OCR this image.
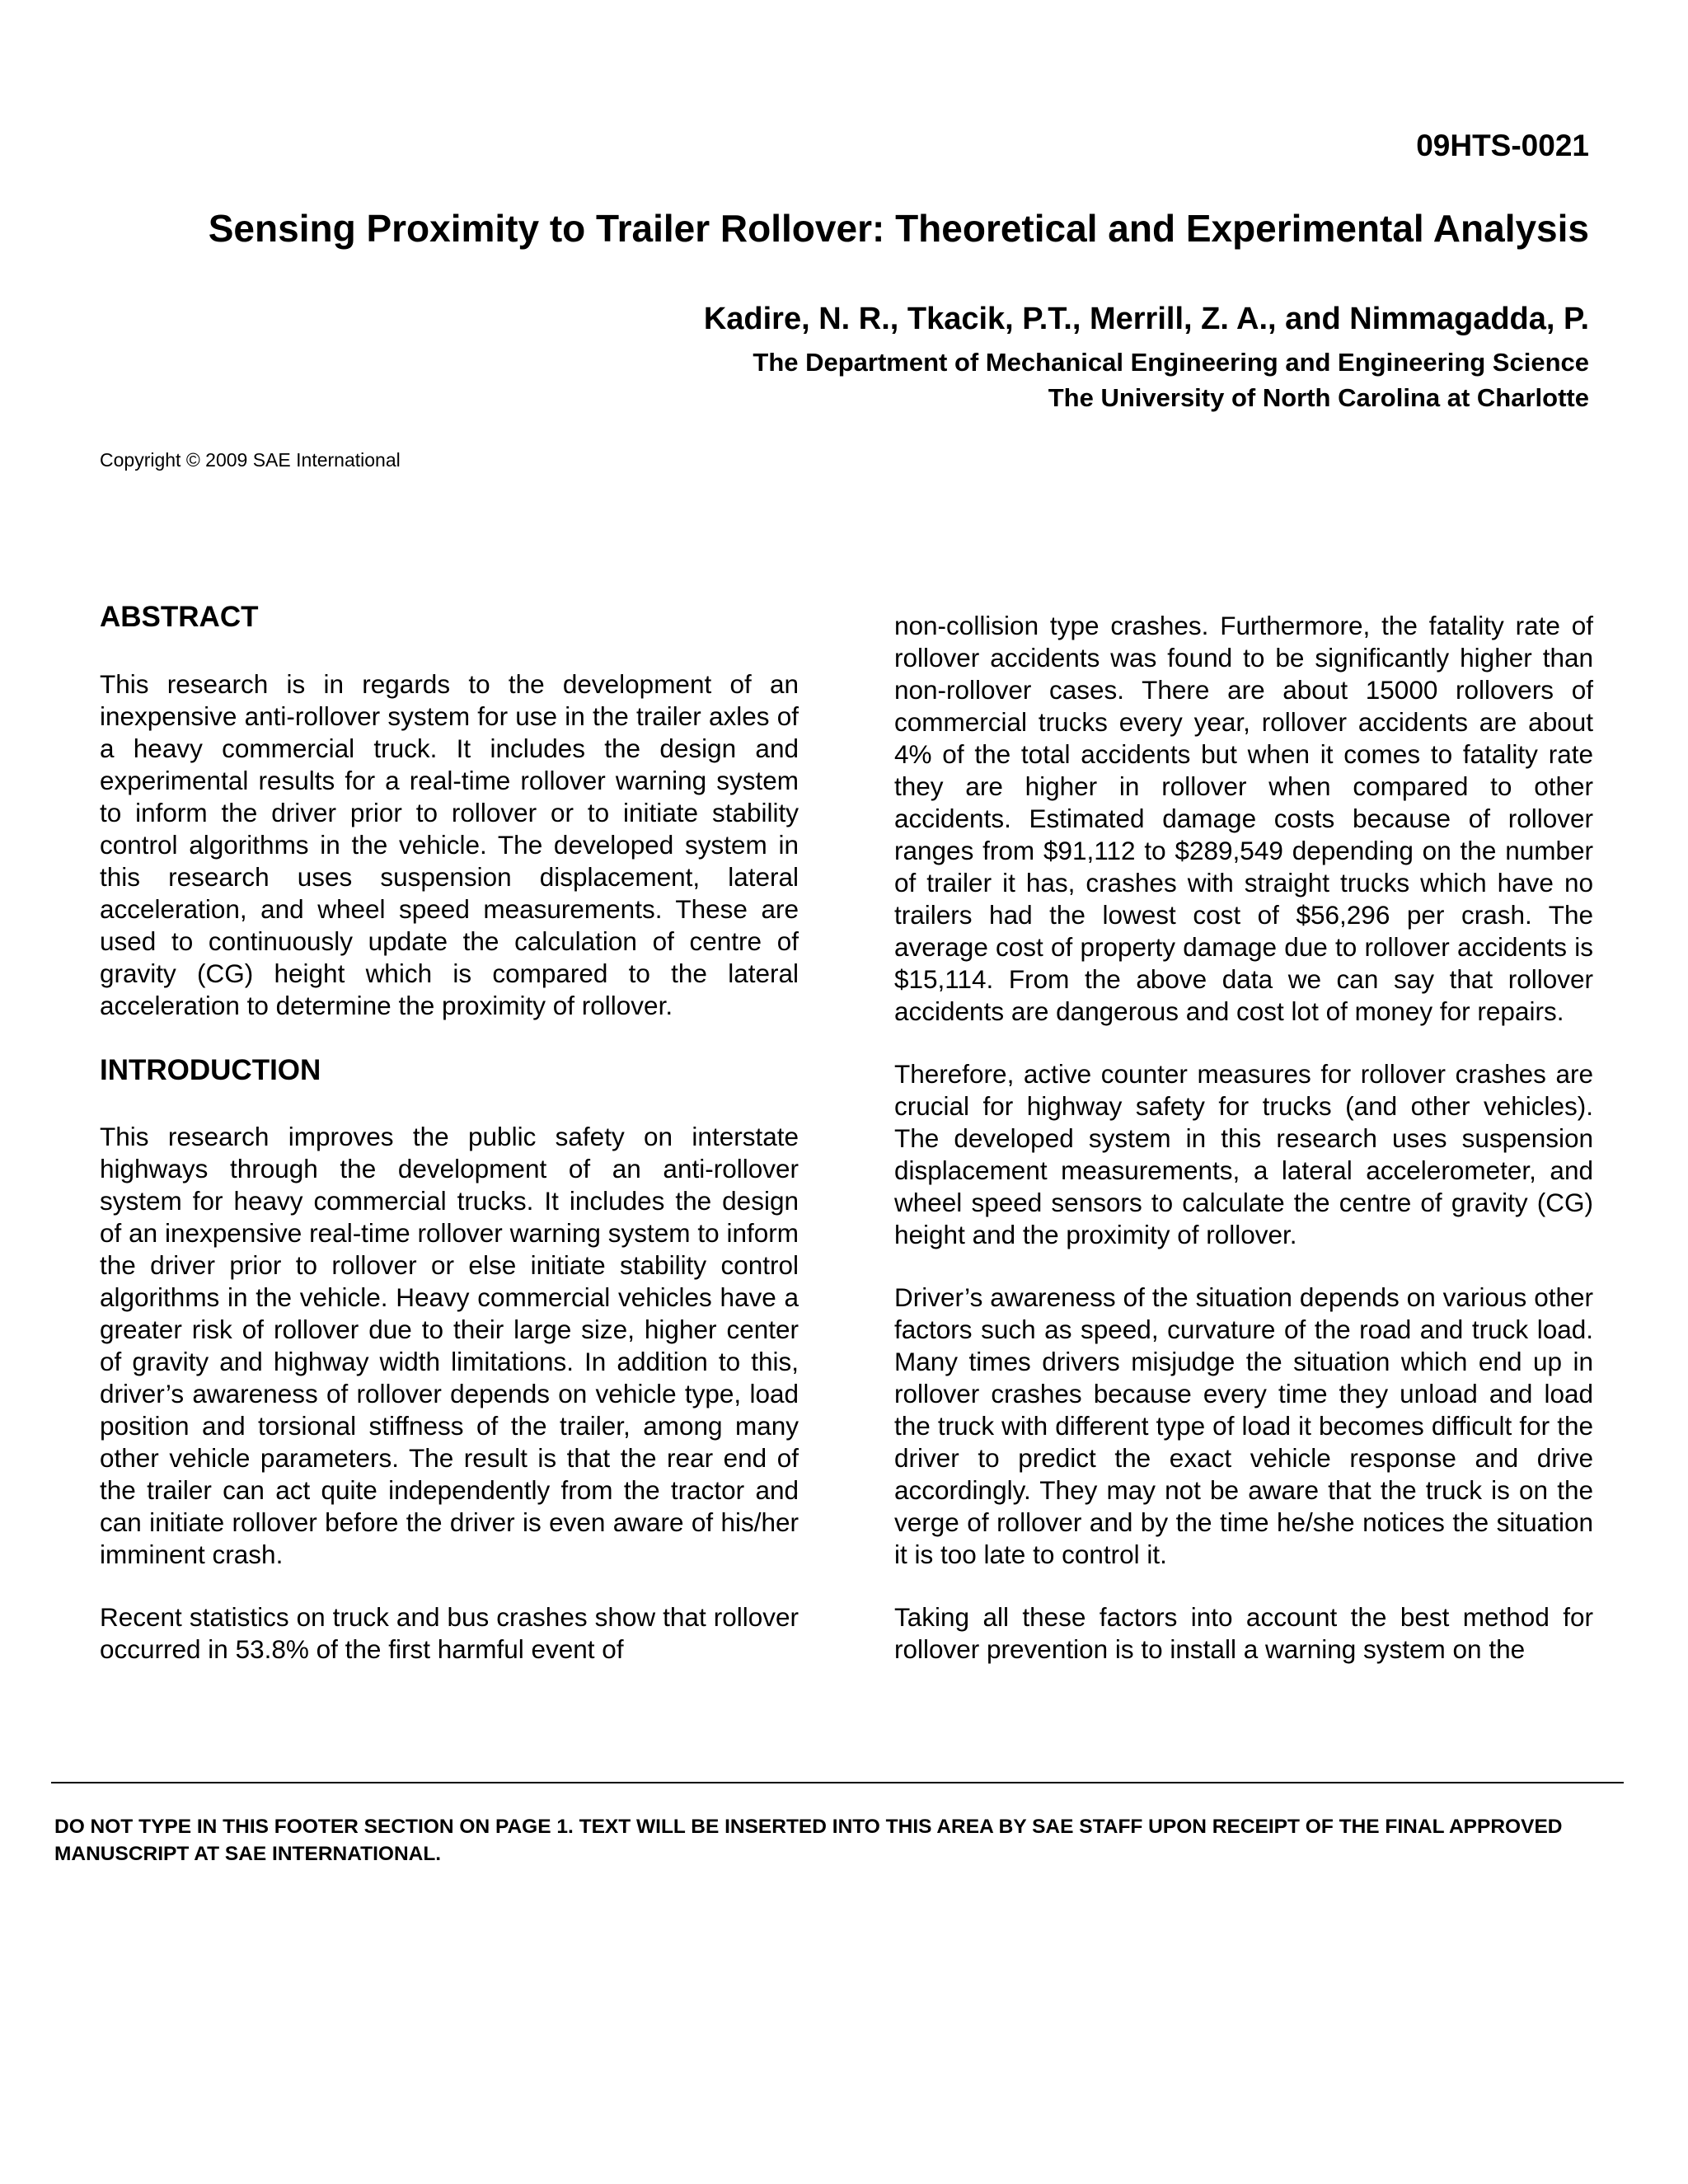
09HTS-0021
Sensing Proximity to Trailer Rollover: Theoretical and Experimental Analysis
Kadire, N. R., Tkacik, P.T., Merrill, Z. A., and Nimmagadda, P.
The Department of Mechanical Engineering and Engineering Science
The University of North Carolina at Charlotte
Copyright © 2009 SAE International
ABSTRACT

This research is in regards to the development of an inexpensive anti-rollover system for use in the trailer axles of a heavy commercial truck. It includes the design and experimental results for a real-time rollover warning system to inform the driver prior to rollover or to initiate stability control algorithms in the vehicle. The developed system in this research uses suspension displacement, lateral acceleration, and wheel speed measurements. These are used to continuously update the calculation of centre of gravity (CG) height which is compared to the lateral acceleration to determine the proximity of rollover.

INTRODUCTION

This research improves the public safety on interstate highways through the development of an anti-rollover system for heavy commercial trucks. It includes the design of an inexpensive real-time rollover warning system to inform the driver prior to rollover or else initiate stability control algorithms in the vehicle. Heavy commercial vehicles have a greater risk of rollover due to their large size, higher center of gravity and highway width limitations. In addition to this, driver’s awareness of rollover depends on vehicle type, load position and torsional stiffness of the trailer, among many other vehicle parameters. The result is that the rear end of the trailer can act quite independently from the tractor and can initiate rollover before the driver is even aware of his/her imminent crash.

Recent statistics on truck and bus crashes show that rollover occurred in 53.8% of the first harmful event of

non-collision type crashes. Furthermore, the fatality rate of rollover accidents was found to be significantly higher than non-rollover cases. There are about 15000 rollovers of commercial trucks every year, rollover accidents are about 4% of the total accidents but when it comes to fatality rate they are higher in rollover when compared to other accidents. Estimated damage costs because of rollover ranges from $91,112 to $289,549 depending on the number of trailer it has, crashes with straight trucks which have no trailers had the lowest cost of $56,296 per crash. The average cost of property damage due to rollover accidents is $15,114. From the above data we can say that rollover accidents are dangerous and cost lot of money for repairs.

Therefore, active counter measures for rollover crashes are crucial for highway safety for trucks (and other vehicles). The developed system in this research uses suspension displacement measurements, a lateral accelerometer, and wheel speed sensors to calculate the centre of gravity (CG) height and the proximity of rollover.

Driver’s awareness of the situation depends on various other factors such as speed, curvature of the road and truck load. Many times drivers misjudge the situation which end up in rollover crashes because every time they unload and load the truck with different type of load it becomes difficult for the driver to predict the exact vehicle response and drive accordingly. They may not be aware that the truck is on the verge of rollover and by the time he/she notices the situation it is too late to control it.

Taking all these factors into account the best method for rollover prevention is to install a warning system on the

DO NOT TYPE IN THIS FOOTER SECTION ON PAGE 1. TEXT WILL BE INSERTED INTO THIS AREA BY SAE STAFF UPON RECEIPT OF THE FINAL APPROVED MANUSCRIPT AT SAE INTERNATIONAL.
